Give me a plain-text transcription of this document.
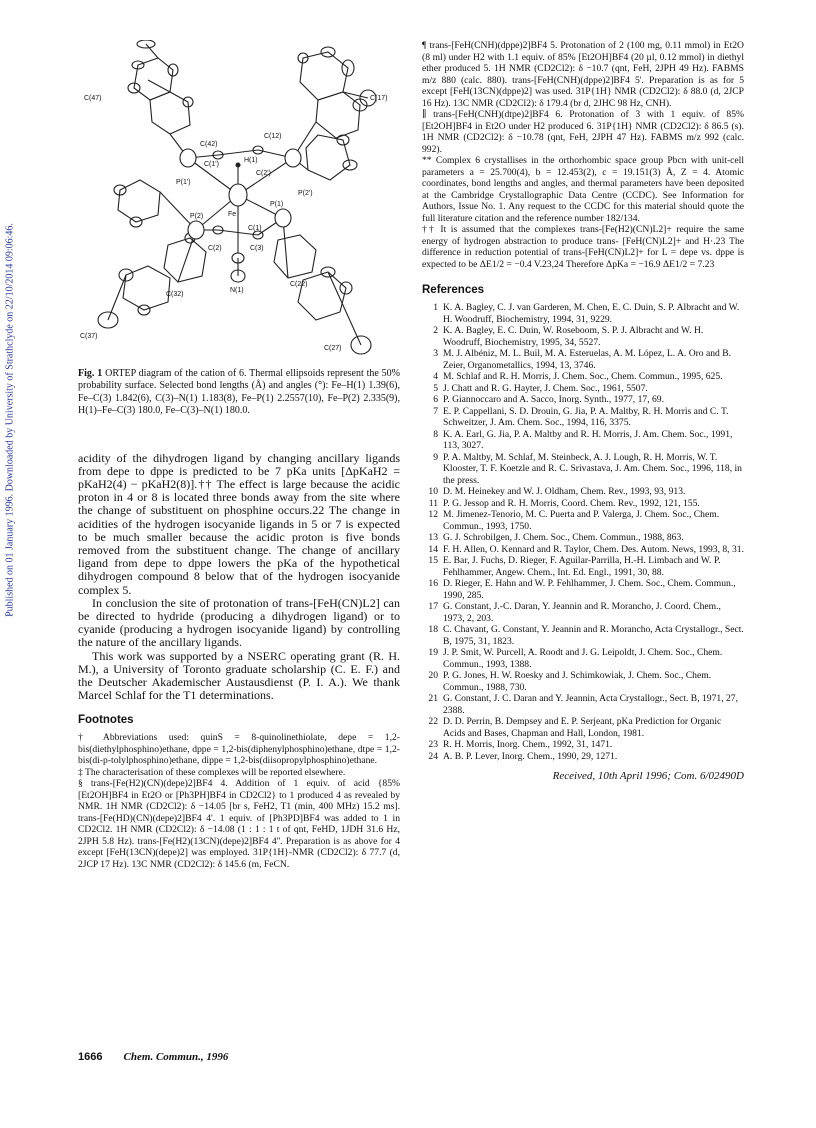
Published on 01 January 1996. Downloaded by University of Strathclyde on 22/10/2014 09:06:46.
C(47)	C(17)
C(42)
C(12)
C(1')
H(1)
C(2')
P(1')
P(2')
Fe
P(1)
P(2)
C(1)
C(2)	C(3)
N(1)
C(32)
C(22)
C(37)
C(27)
Fig. 1 ORTEP diagram of the cation of 6. Thermal ellipsoids represent the 50% probability surface. Selected bond lengths (Å) and angles (°): Fe–H(1) 1.39(6), Fe–C(3) 1.842(6), C(3)–N(1) 1.183(8), Fe–P(1) 2.2557(10), Fe–P(2) 2.335(9), H(1)–Fe–C(3) 180.0, Fe–C(3)–N(1) 180.0.

acidity of the dihydrogen ligand by changing ancillary ligands from depe to dppe is predicted to be 7 pKa units [ΔpKaH2 = pKaH2(4) − pKaH2(8)].†† The effect is large because the acidic proton in 4 or 8 is located three bonds away from the site where the change of substituent on phosphine occurs.22 The change in acidities of the hydrogen isocyanide ligands in 5 or 7 is expected to be much smaller because the acidic proton is five bonds removed from the substituent change. The change of ancillary ligand from depe to dppe lowers the pKa of the hypothetical dihydrogen compound 8 below that of the hydrogen isocyanide complex 5.

In conclusion the site of protonation of trans-[FeH(CN)L2] can be directed to hydride (producing a dihydrogen ligand) or to cyanide (producing a hydrogen isocyanide ligand) by controlling the nature of the ancillary ligands.

This work was supported by a NSERC operating grant (R. H. M.), a University of Toronto graduate scholarship (C. E. F.) and the Deutscher Akademischer Austausdienst (P. I. A.). We thank Marcel Schlaf for the T1 determinations.

Footnotes

† Abbreviations used: quinS = 8-quinolinethiolate, depe = 1,2-bis(diethylphosphino)ethane, dppe = 1,2-bis(diphenylphosphino)ethane, dtpe = 1,2-bis(di-p-tolylphosphino)ethane, dippe = 1,2-bis(diisopropylphosphino)ethane.

‡ The characterisation of these complexes will be reported elsewhere.

§ trans-[Fe(H2)(CN)(depe)2]BF4 4. Addition of 1 equiv. of acid {85% [Et2OH]BF4 in Et2O or [Ph3PH]BF4 in CD2Cl2} to 1 produced 4 as revealed by NMR. 1H NMR (CD2Cl2): δ −14.05 [br s, FeH2, T1 (min, 400 MHz) 15.2 ms]. trans-[Fe(HD)(CN)(depe)2]BF4 4'. 1 equiv. of [Ph3PD]BF4 was added to 1 in CD2Cl2. 1H NMR (CD2Cl2): δ −14.08 (1 : 1 : 1 t of qnt, FeHD, 1JDH 31.6 Hz, 2JPH 5.8 Hz). trans-[Fe(H2)(13CN)(depe)2]BF4 4''. Preparation is as above for 4 except [FeH(13CN)(depe)2] was employed. 31P{1H}-NMR (CD2Cl2): δ 77.7 (d, 2JCP 17 Hz). 13C NMR (CD2Cl2): δ 145.6 (m, FeCN.

¶ trans-[FeH(CNH)(dppe)2]BF4 5. Protonation of 2 (100 mg, 0.11 mmol) in Et2O (8 ml) under H2 with 1.1 equiv. of 85% [Et2OH]BF4 (20 µl, 0.12 mmol) in diethyl ether produced 5. 1H NMR (CD2Cl2): δ −10.7 (qnt, FeH, 2JPH 49 Hz). FABMS m/z 880 (calc. 880). trans-[FeH(CNH)(dppe)2]BF4 5'. Preparation is as for 5 except [FeH(13CN)(dppe)2] was used. 31P{1H} NMR (CD2Cl2): δ 88.0 (d, 2JCP 16 Hz). 13C NMR (CD2Cl2): δ 179.4 (br d, 2JHC 98 Hz, CNH).

∥ trans-[FeH(CNH)(dtpe)2]BF4 6. Protonation of 3 with 1 equiv. of 85% [Et2OH]BF4 in Et2O under H2 produced 6. 31P{1H} NMR (CD2Cl2): δ 86.5 (s). 1H NMR (CD2Cl2): δ −10.78 (qnt, FeH, 2JPH 47 Hz). FABMS m/z 992 (calc. 992).

** Complex 6 crystallises in the orthorhombic space group Pbcn with unit-cell parameters a = 25.700(4), b = 12.453(2), c = 19.151(3) Å, Z = 4. Atomic coordinates, bond lengths and angles, and thermal parameters have been deposited at the Cambridge Crystallographic Data Centre (CCDC). See Information for Authors, Issue No. 1. Any request to the CCDC for this material should quote the full literature citation and the reference number 182/134.

†† It is assumed that the complexes trans-[Fe(H2)(CN)L2]+ require the same energy of hydrogen abstraction to produce trans- [FeH(CN)L2]+ and H·.23 The difference in reduction potential of trans-[FeH(CN)L2]+ for L = depe vs. dppe is expected to be ΔE1/2 = −0.4 V.23,24 Therefore ΔpKa = −16.9 ΔE1/2 = 7.23

References
1 K. A. Bagley, C. J. van Garderen, M. Chen, E. C. Duin, S. P. Albracht and W. H. Woodruff, Biochemistry, 1994, 31, 9229.
2 K. A. Bagley, E. C. Duin, W. Roseboom, S. P. J. Albracht and W. H. Woodruff, Biochemistry, 1995, 34, 5527.
3 M. J. Albéniz, M. L. Buil, M. A. Esteruelas, A. M. López, L. A. Oro and B. Zeier, Organometallics, 1994, 13, 3746.
4 M. Schlaf and R. H. Morris, J. Chem. Soc., Chem. Commun., 1995, 625.
5 J. Chatt and R. G. Hayter, J. Chem. Soc., 1961, 5507.
6 P. Giannoccaro and A. Sacco, Inorg. Synth., 1977, 17, 69.
7 E. P. Cappellani, S. D. Drouin, G. Jia, P. A. Maltby, R. H. Morris and C. T. Schweitzer, J. Am. Chem. Soc., 1994, 116, 3375.
8 K. A. Earl, G. Jia, P. A. Maltby and R. H. Morris, J. Am. Chem. Soc., 1991, 113, 3027.
9 P. A. Maltby, M. Schlaf, M. Steinbeck, A. J. Lough, R. H. Morris, W. T. Klooster, T. F. Koetzle and R. C. Srivastava, J. Am. Chem. Soc., 1996, 118, in the press.
10 D. M. Heinekey and W. J. Oldham, Chem. Rev., 1993, 93, 913.
11 P. G. Jessop and R. H. Morris, Coord. Chem. Rev., 1992, 121, 155.
12 M. Jimenez-Tenorio, M. C. Puerta and P. Valerga, J. Chem. Soc., Chem. Commun., 1993, 1750.
13 G. J. Schrobilgen, J. Chem. Soc., Chem. Commun., 1988, 863.
14 F. H. Allen, O. Kennard and R. Taylor, Chem. Des. Autom. News, 1993, 8, 31.
15 E. Bar, J. Fuchs, D. Rieger, F. Aguilar-Parrilla, H.-H. Limbach and W. P. Fehlhammer, Angew. Chem., Int. Ed. Engl., 1991, 30, 88.
16 D. Rieger, E. Hahn and W. P. Fehlhammer, J. Chem. Soc., Chem. Commun., 1990, 285.
17 G. Constant, J.-C. Daran, Y. Jeannin and R. Morancho, J. Coord. Chem., 1973, 2, 203.
18 C. Chavant, G. Constant, Y. Jeannin and R. Morancho, Acta Crystallogr., Sect. B, 1975, 31, 1823.
19 J. P. Smit, W. Purcell, A. Roodt and J. G. Leipoldt, J. Chem. Soc., Chem. Commun., 1993, 1388.
20 P. G. Jones, H. W. Roesky and J. Schimkowiak, J. Chem. Soc., Chem. Commun., 1988, 730.
21 G. Constant, J. C. Daran and Y. Jeannin, Acta Crystallogr., Sect. B, 1971, 27, 2388.
22 D. D. Perrin, B. Dempsey and E. P. Serjeant, pKa Prediction for Organic Acids and Bases, Chapman and Hall, London, 1981.
23 R. H. Morris, Inorg. Chem., 1992, 31, 1471.
24 A. B. P. Lever, Inorg. Chem., 1990, 29, 1271.
Received, 10th April 1996; Com. 6/02490D
1666 Chem. Commun., 1996
